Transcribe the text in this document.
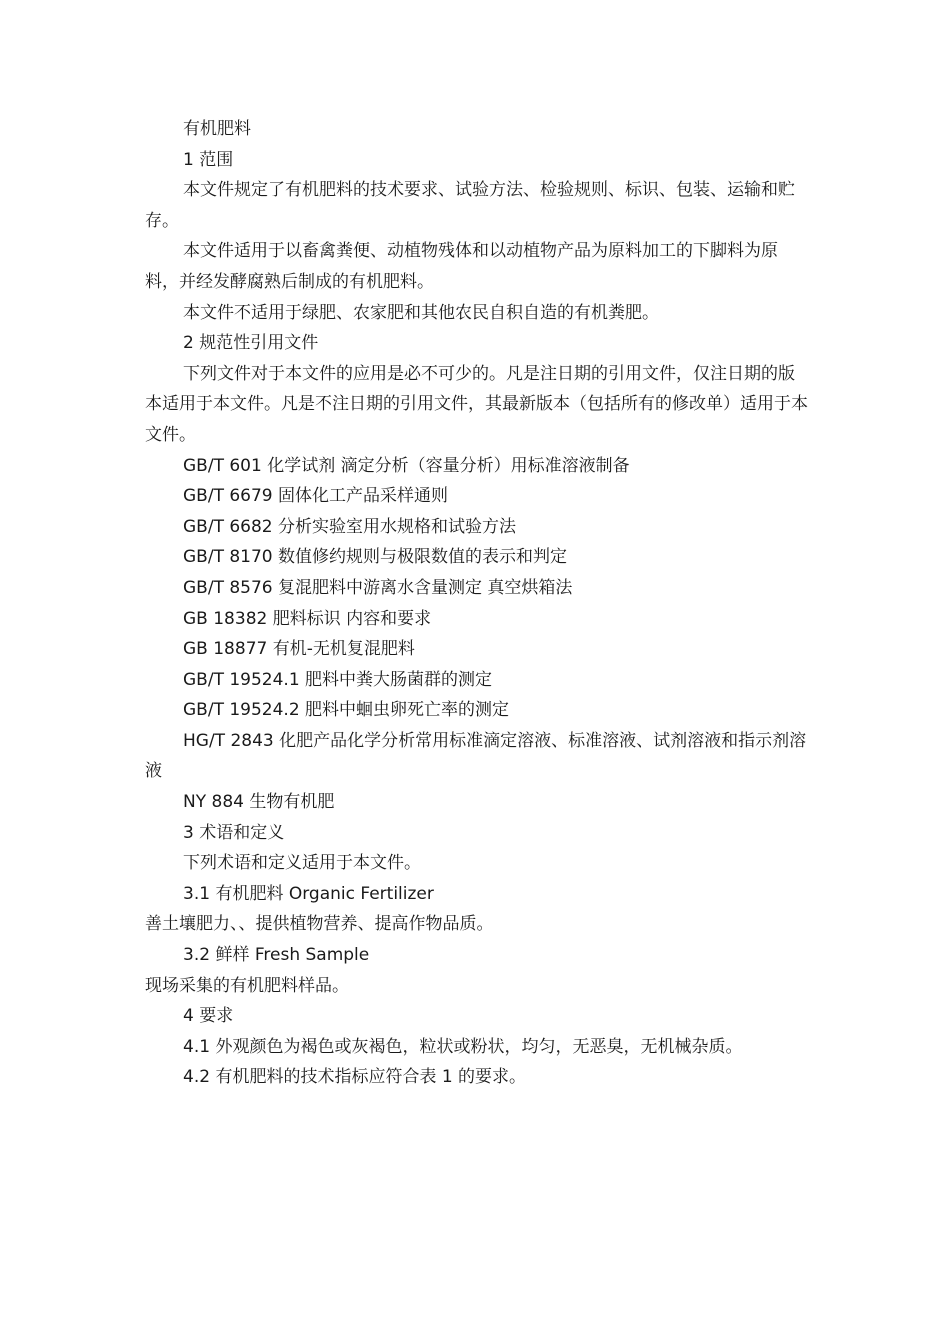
有机肥料

1 范围

本文件规定了有机肥料的技术要求、试验方法、检验规则、标识、包装、运输和贮存。

本文件适用于以畜禽粪便、动植物残体和以动植物产品为原料加工的下脚料为原料，并经发酵腐熟后制成的有机肥料。

本文件不适用于绿肥、农家肥和其他农民自积自造的有机粪肥。

2 规范性引用文件

下列文件对于本文件的应用是必不可少的。凡是注日期的引用文件，仅注日期的版本适用于本文件。凡是不注日期的引用文件，其最新版本（包括所有的修改单）适用于本文件。

GB/T 601 化学试剂 滴定分析（容量分析）用标准溶液制备

GB/T 6679 固体化工产品采样通则

GB/T 6682 分析实验室用水规格和试验方法

GB/T 8170 数值修约规则与极限数值的表示和判定

GB/T 8576 复混肥料中游离水含量测定 真空烘箱法

GB 18382 肥料标识 内容和要求

GB 18877 有机-无机复混肥料

GB/T 19524.1 肥料中粪大肠菌群的测定

GB/T 19524.2 肥料中蛔虫卵死亡率的测定

HG/T 2843 化肥产品化学分析常用标准滴定溶液、标准溶液、试剂溶液和指示剂溶液

NY 884 生物有机肥

3 术语和定义

下列术语和定义适用于本文件。

3.1 有机肥料 Organic Fertilizer

善土壤肥力、、提供植物营养、提高作物品质。

3.2 鲜样 Fresh Sample

现场采集的有机肥料样品。

4 要求

4.1 外观颜色为褐色或灰褐色，粒状或粉状，均匀，无恶臭，无机械杂质。

4.2 有机肥料的技术指标应符合表 1 的要求。
